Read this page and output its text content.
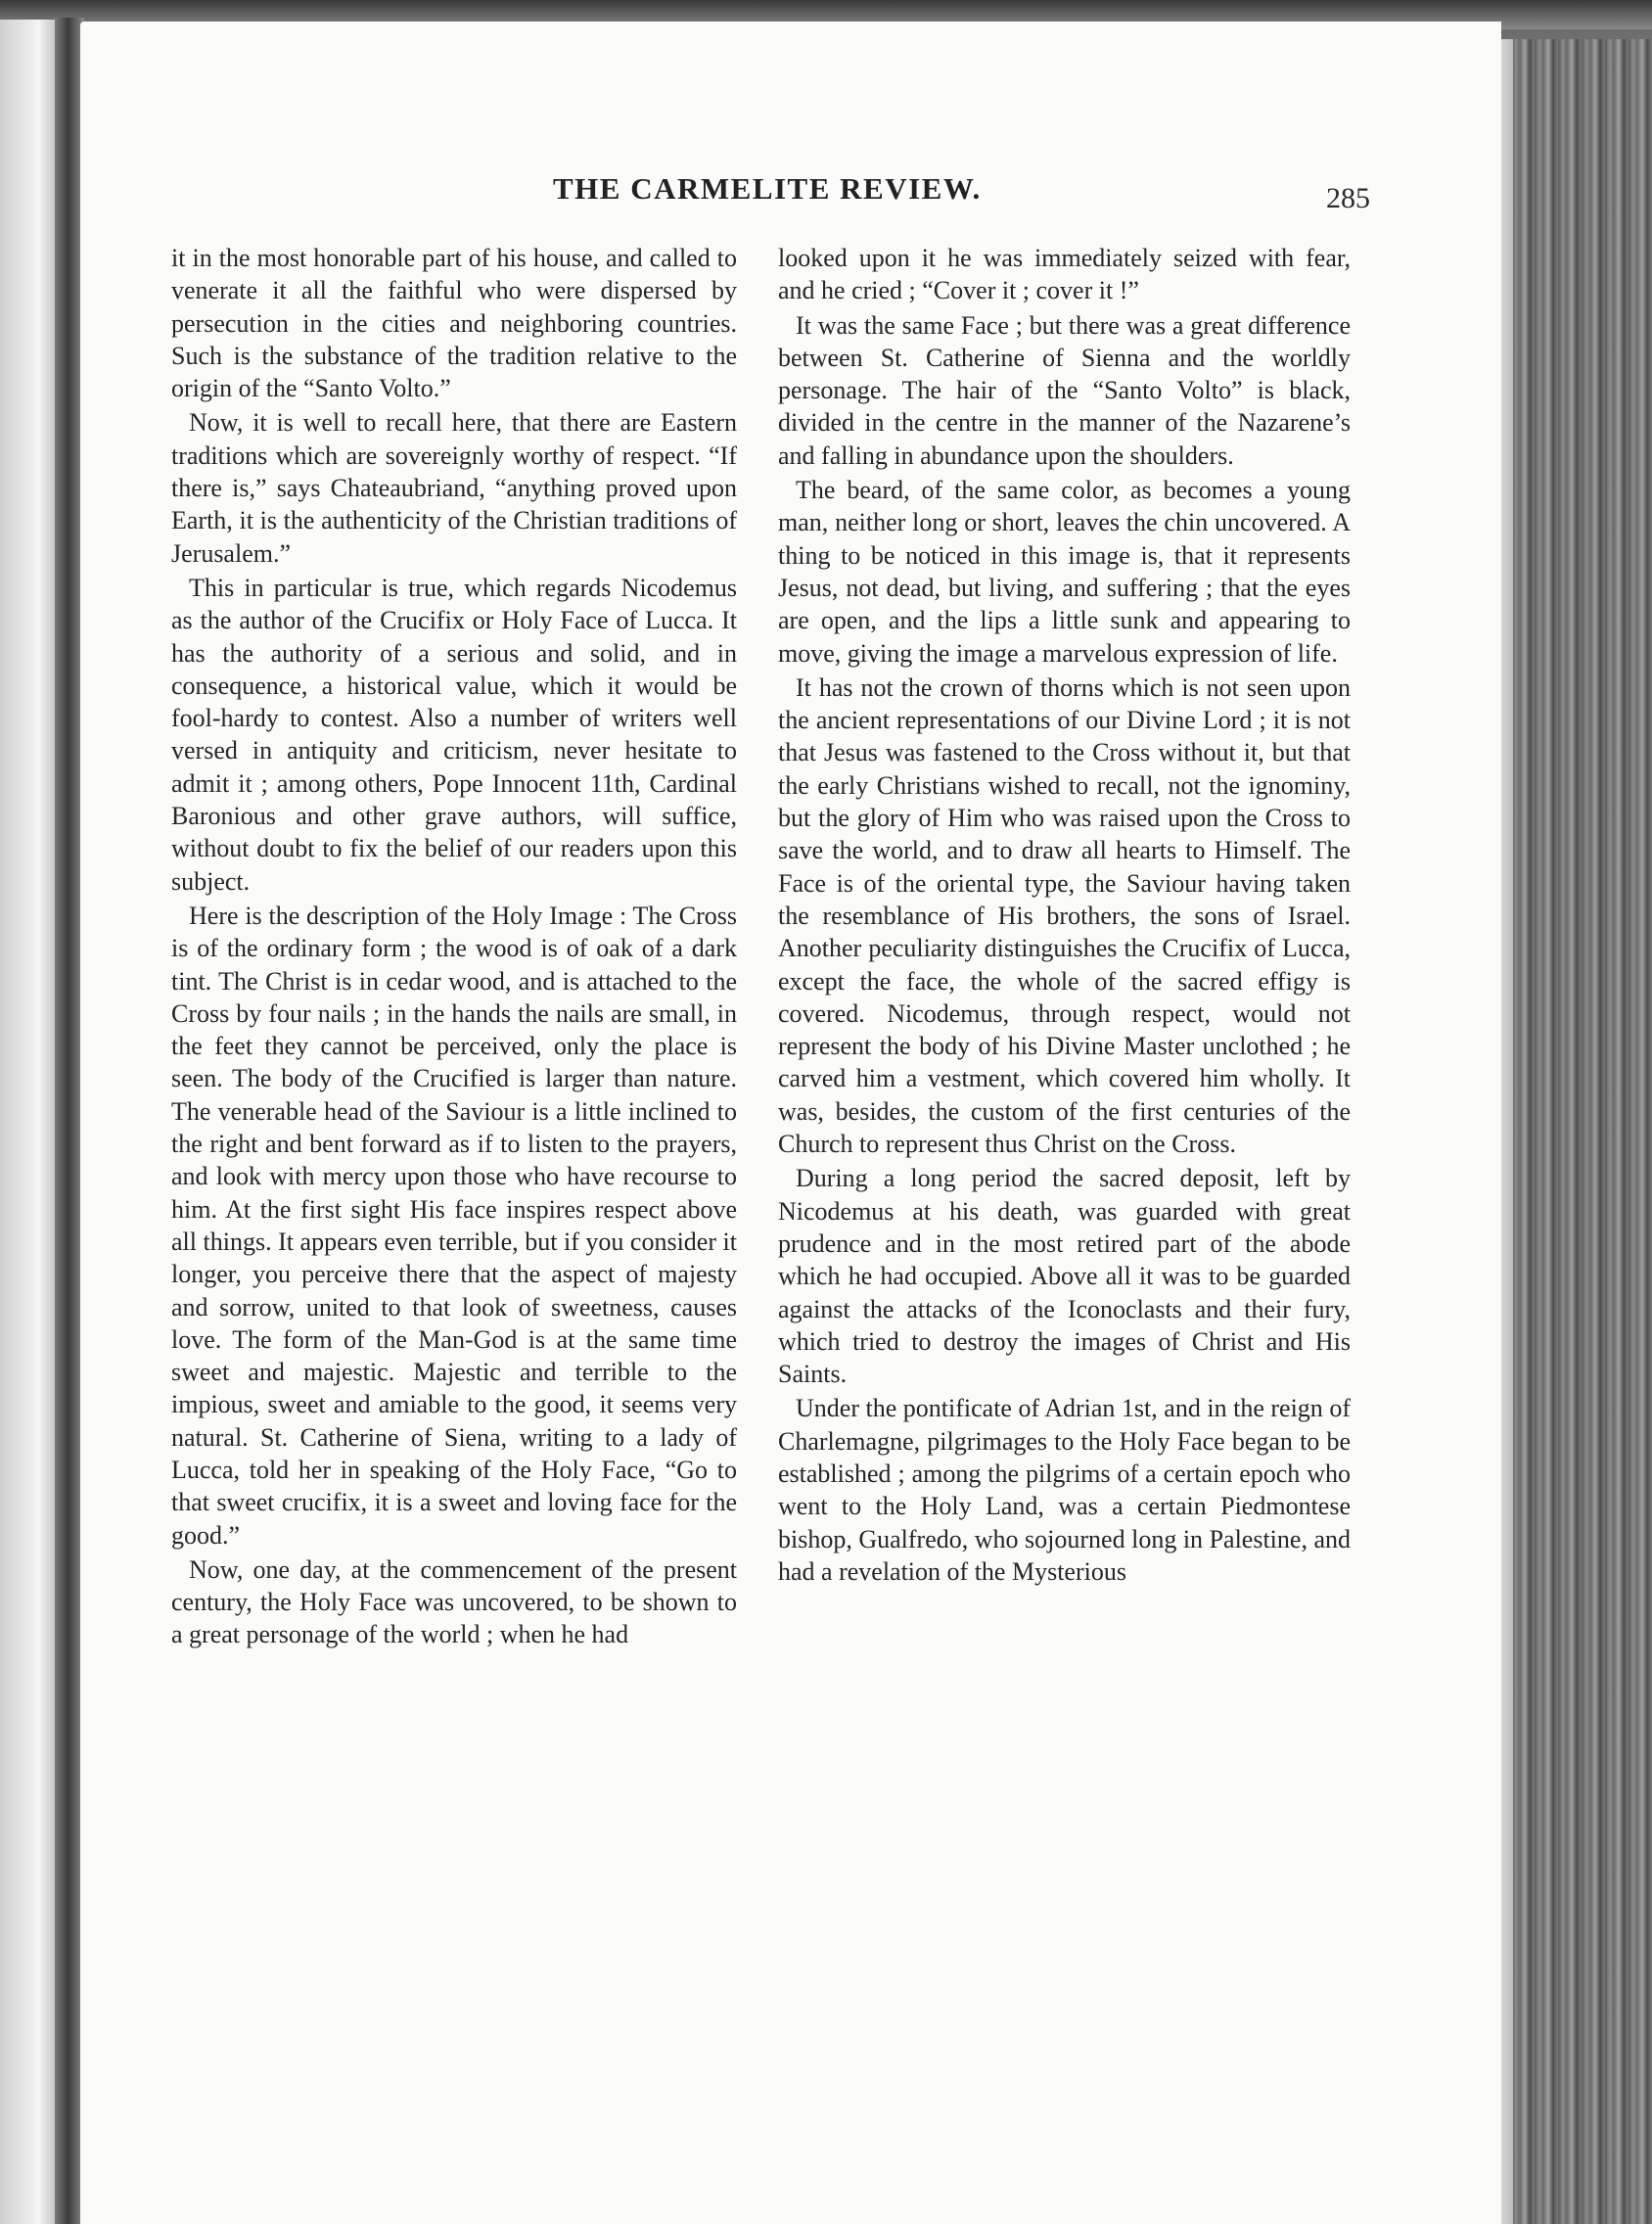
THE CARMELITE REVIEW.	285

it in the most honorable part of his house, and called to venerate it all the faithful who were dispersed by persecution in the cities and neighboring countries. Such is the substance of the tradition relative to the origin of the “Santo Volto.”

Now, it is well to recall here, that there are Eastern traditions which are sovereignly worthy of respect. “If there is,” says Chateaubriand, “anything proved upon Earth, it is the authenticity of the Christian traditions of Jerusalem.”

This in particular is true, which regards Nicodemus as the author of the Crucifix or Holy Face of Lucca. It has the authority of a serious and solid, and in consequence, a historical value, which it would be fool-hardy to contest. Also a number of writers well versed in antiquity and criticism, never hesitate to admit it ; among others, Pope Innocent 11th, Cardinal Baronious and other grave authors, will suffice, without doubt to fix the belief of our readers upon this subject.

Here is the description of the Holy Image : The Cross is of the ordinary form ; the wood is of oak of a dark tint. The Christ is in cedar wood, and is attached to the Cross by four nails ; in the hands the nails are small, in the feet they cannot be perceived, only the place is seen. The body of the Crucified is larger than nature. The venerable head of the Saviour is a little inclined to the right and bent forward as if to listen to the prayers, and look with mercy upon those who have recourse to him. At the first sight His face inspires respect above all things. It appears even terrible, but if you consider it longer, you perceive there that the aspect of majesty and sorrow, united to that look of sweetness, causes love. The form of the Man-God is at the same time sweet and majestic. Majestic and terrible to the impious, sweet and amiable to the good, it seems very natural. St. Catherine of Siena, writing to a lady of Lucca, told her in speaking of the Holy Face, “Go to that sweet crucifix, it is a sweet and loving face for the good.”

Now, one day, at the commencement of the present century, the Holy Face was uncovered, to be shown to a great personage of the world ; when he had

looked upon it he was immediately seized with fear, and he cried ; “Cover it ; cover it !”

It was the same Face ; but there was a great difference between St. Catherine of Sienna and the worldly personage. The hair of the “Santo Volto” is black, divided in the centre in the manner of the Nazarene’s and falling in abundance upon the shoulders.

The beard, of the same color, as becomes a young man, neither long or short, leaves the chin uncovered. A thing to be noticed in this image is, that it represents Jesus, not dead, but living, and suffering ; that the eyes are open, and the lips a little sunk and appearing to move, giving the image a marvelous expression of life.

It has not the crown of thorns which is not seen upon the ancient representations of our Divine Lord ; it is not that Jesus was fastened to the Cross without it, but that the early Christians wished to recall, not the ignominy, but the glory of Him who was raised upon the Cross to save the world, and to draw all hearts to Himself. The Face is of the oriental type, the Saviour having taken the resemblance of His brothers, the sons of Israel. Another peculiarity distinguishes the Crucifix of Lucca, except the face, the whole of the sacred effigy is covered. Nicodemus, through respect, would not represent the body of his Divine Master unclothed ; he carved him a vestment, which covered him wholly. It was, besides, the custom of the first centuries of the Church to represent thus Christ on the Cross.

During a long period the sacred deposit, left by Nicodemus at his death, was guarded with great prudence and in the most retired part of the abode which he had occupied. Above all it was to be guarded against the attacks of the Iconoclasts and their fury, which tried to destroy the images of Christ and His Saints.

Under the pontificate of Adrian 1st, and in the reign of Charlemagne, pilgrimages to the Holy Face began to be established ; among the pilgrims of a certain epoch who went to the Holy Land, was a certain Piedmontese bishop, Gualfredo, who sojourned long in Palestine, and had a revelation of the Mysterious
